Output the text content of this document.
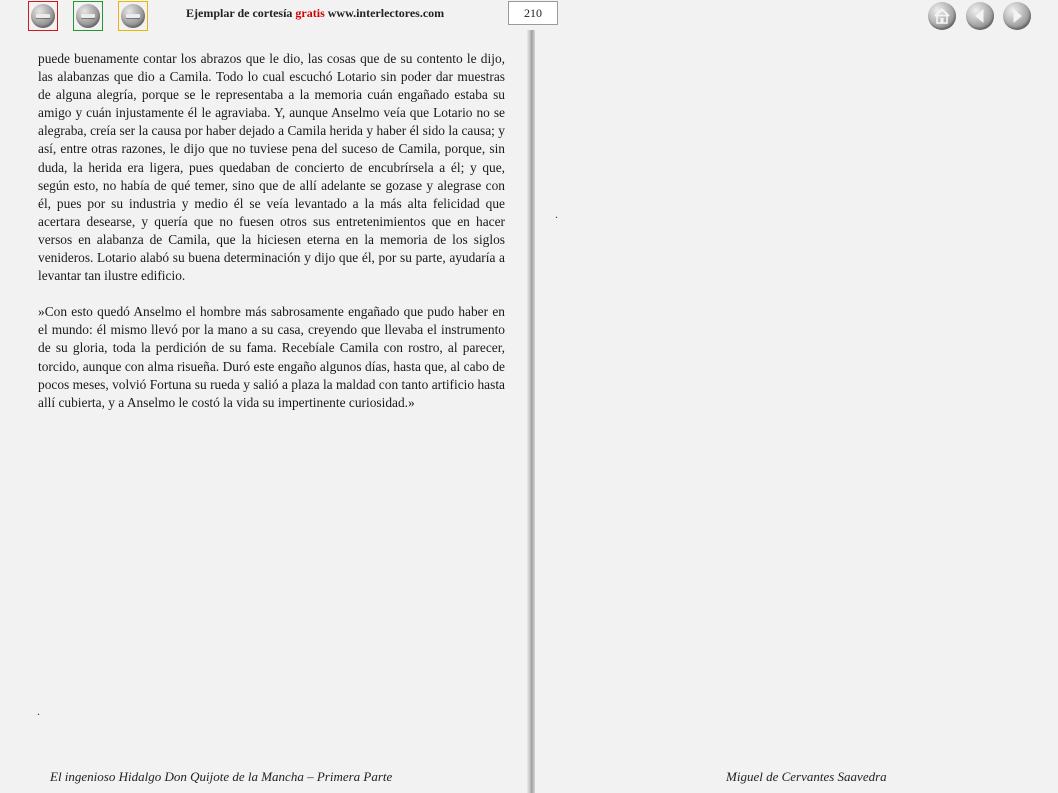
Ejemplar de cortesía gratis www.interlectores.com	210

puede buenamente contar los abrazos que le dio, las cosas que de su contento le dijo, las alabanzas que dio a Camila. Todo lo cual escuchó Lotario sin poder dar muestras de alguna alegría, porque se le representaba a la memoria cuán engañado estaba su amigo y cuán injustamente él le agraviaba. Y, aunque Anselmo veía que Lotario no se alegraba, creía ser la causa por haber dejado a Camila herida y haber él sido la causa; y así, entre otras razones, le dijo que no tuviese pena del suceso de Camila, porque, sin duda, la herida era ligera, pues quedaban de concierto de encubrírsela a él; y que, según esto, no había de qué temer, sino que de allí adelante se gozase y alegrase con él, pues por su industria y medio él se veía levantado a la más alta felicidad que acertara desearse, y quería que no fuesen otros sus entretenimientos que en hacer versos en alabanza de Camila, que la hiciesen eterna en la memoria de los siglos venideros. Lotario alabó su buena determinación y dijo que él, por su parte, ayudaría a levantar tan ilustre edificio.

»Con esto quedó Anselmo el hombre más sabrosamente engañado que pudo haber en el mundo: él mismo llevó por la mano a su casa, creyendo que llevaba el instrumento de su gloria, toda la perdición de su fama. Recebíale Camila con rostro, al parecer, torcido, aunque con alma risueña. Duró este engaño algunos días, hasta que, al cabo de pocos meses, volvió Fortuna su rueda y salió a plaza la maldad con tanto artificio hasta allí cubierta, y a Anselmo le costó la vida su impertinente curiosidad.»

.
.
El ingenioso Hidalgo Don Quijote de la Mancha – Primera Parte	Miguel de Cervantes Saavedra
